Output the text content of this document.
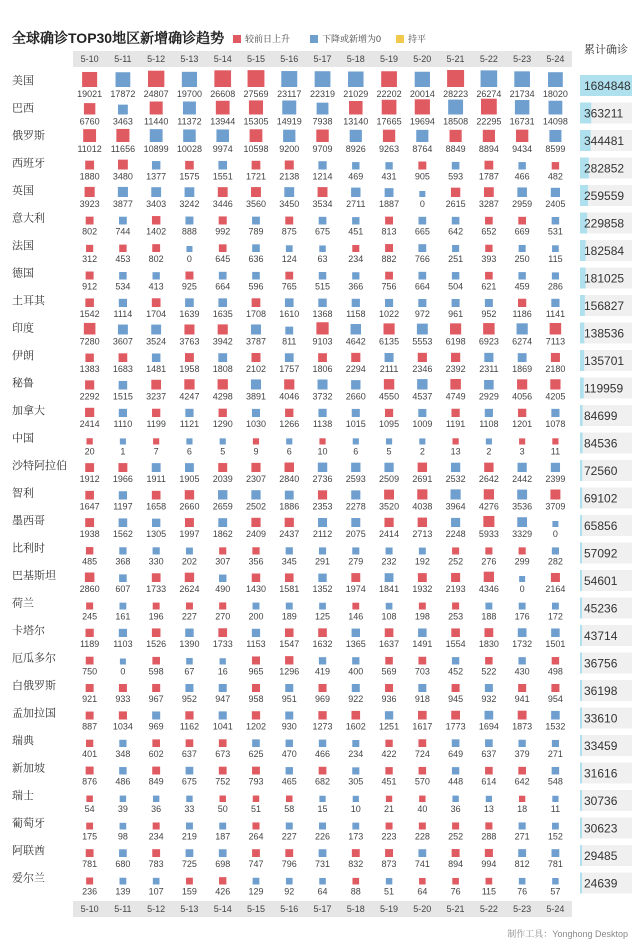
全球确诊TOP30地区新增确诊趋势	较前日上升	下降或新增为0	持平
累计确诊
5-10	5-11	5-12	5-13	5-14	5-15	5-16	5-17	5-18	5-19	5-20	5-21	5-22	5-23	5-24
5-10	5-11	5-12	5-13	5-14	5-15	5-16	5-17	5-18	5-19	5-20	5-21	5-22	5-23	5-24
美国	1684848
19021 17872 24807 19700 26608 27569 23117 22319 21029 22202 20014 28223 26274 21734 18020
巴西	363211
6760 3463 11440 11372 13944 15305 14919 7938 13140 17665 19694 18508 22295 16731 14098
俄罗斯	344481
11012 11656 10899 10028 9974 10598 9200 9709 8926 9263 8764 8849 8894 9434 8599
西班牙	282852
1880 3480 1377 1575 1551 1721 2138 1214 469 431 905 593 1787 466 482
英国	259559
3923 3877 3403 3242 3446 3560 3450 3534 2711 1887 0 2615 3287 2959 2405
意大利	229858
802 744 1402 888 992 789 875 675 451 813 665 642 652 669 531
法国	182584
312 453 802	0	645 636 124 63 234 882 766 251 393 250 115
德国	181025
912 534 413 925 664 596 765 515 366 756 664 504 621 459 286
土耳其	156827
1542 1114 1704 1639 1635 1708 1610 1368 1158 1022 972 961 952 1186 1141
印度	138536
7280 3607 3524 3763 3942 3787 811 9103 4642 6135 5553 6198 6923 6274 7113
伊朗	135701
1383 1683 1481 1958 1808 2102 1757 1806 2294 2111 2346 2392 2311 1869 2180
秘鲁	119959
2292 1515 3237 4247 4298 3891 4046 3732 2660 4550 4537 4749 2929 4056 4205
加拿大	84699
2414 1110 1199 1121 1290 1030 1266 1138 1015 1095 1009 1191 1108 1201 1078
中国	84536
20	1	7	6	5	9	6	10	6	5	2	13	2	3	11
沙特阿拉伯	72560
1912 1966 1911 1905 2039 2307 2840 2736 2593 2509 2691 2532 2642 2442 2399
智利	69102
1647 1197 1658 2660 2659 2502 1886 2353 2278 3520 4038 3964 4276 3536 3709
墨西哥	65856
1938 1562 1305 1997 1862 2409 2437 2112 2075 2414 2713 2248 5933 3329 0
比利时	57092
485 368 330 202 307 356 345 291 279 232 192 252 276 299 282
巴基斯坦	54601
2860 607 1733 2624 490 1430 1581 1352 1974 1841 1932 2193 4346 0 2164
荷兰	45236
245 161 196 227 270 200 189 125 146 108 198 253 188 176 172
卡塔尔	43714
1189 1103 1526 1390 1733 1153 1547 1632 1365 1637 1491 1554 1830 1732 1501
厄瓜多尔	36756
750	0	598 67	16 965 1296 419 400 569 703 452 522 430 498
白俄罗斯	36198
921 933 967 952 947 958 951 969 922 936 918 945 932 941 954
孟加拉国	33610
887 1034 969 1162 1041 1202 930 1273 1602 1251 1617 1773 1694 1873 1532
瑞典	33459
401 348 602 637 673 625 470 466 234 422 724 649 637 379 271
新加坡	31616
876 486 849 675 752 793 465 682 305 451 570 448 614 642 548
瑞士	30736
54	39	36	33	50	51	58	15	10	21	40	36	13	18	11
葡萄牙	30623
175 98 234 219 187 264 227 226 173 223 228 252 288 271 152
阿联酋	29485
781 680 783 725 698 747 796 731 832 873 741 894 994 812 781
爱尔兰	24639
236 139 107 159 426 129 92	64	88	51	64	76 115 76	57
制作工具：Yonghong Desktop
